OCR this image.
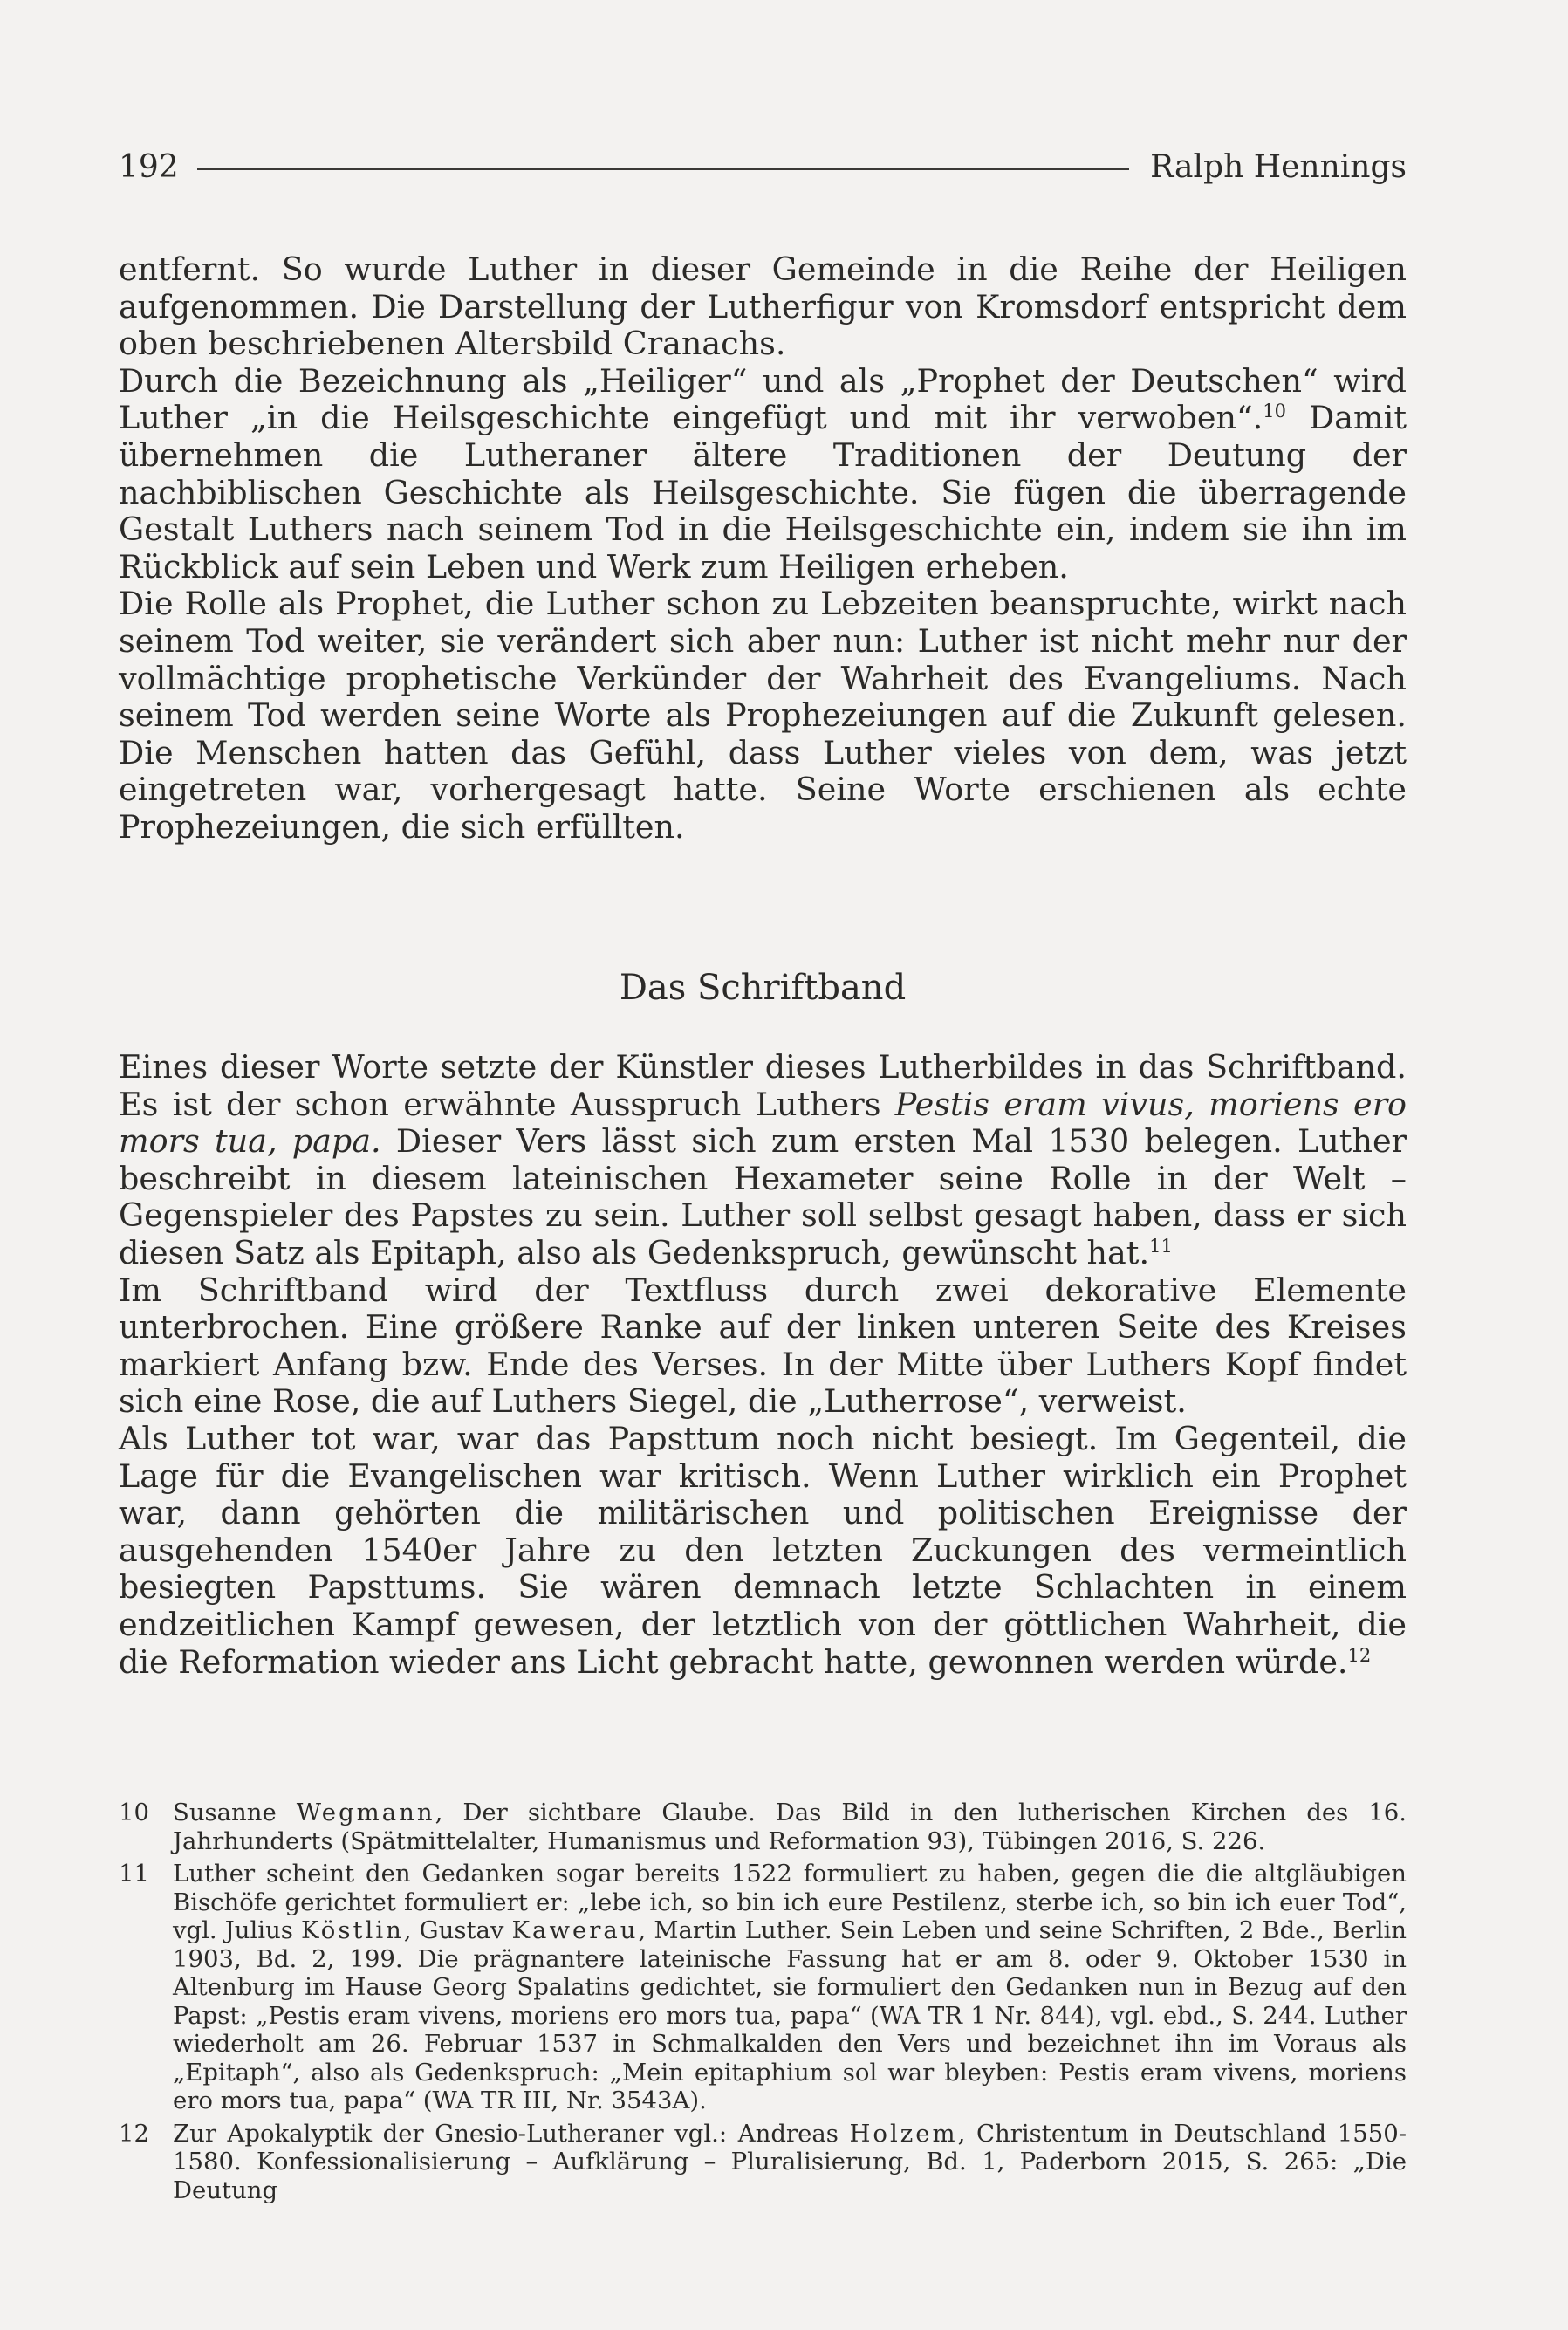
192	Ralph Hennings

entfernt. So wurde Luther in dieser Gemeinde in die Reihe der Heiligen aufgenommen. Die Darstellung der Lutherfigur von Kromsdorf entspricht dem oben beschriebenen Altersbild Cranachs.

Durch die Bezeichnung als „Heiliger“ und als „Prophet der Deutschen“ wird Luther „in die Heilsgeschichte eingefügt und mit ihr verwoben“.$^{10}$ Damit übernehmen die Lutheraner ältere Traditionen der Deutung der nachbiblischen Geschichte als Heilsgeschichte. Sie fügen die überragende Gestalt Luthers nach seinem Tod in die Heilsgeschichte ein, indem sie ihn im Rückblick auf sein Leben und Werk zum Heiligen erheben.

Die Rolle als Prophet, die Luther schon zu Lebzeiten beanspruchte, wirkt nach seinem Tod weiter, sie verändert sich aber nun: Luther ist nicht mehr nur der vollmächtige prophetische Verkünder der Wahrheit des Evangeliums. Nach seinem Tod werden seine Worte als Prophezeiungen auf die Zukunft gelesen. Die Menschen hatten das Gefühl, dass Luther vieles von dem, was jetzt eingetreten war, vorhergesagt hatte. Seine Worte erschienen als echte Prophezeiungen, die sich erfüllten.

Das Schriftband

Eines dieser Worte setzte der Künstler dieses Lutherbildes in das Schriftband. Es ist der schon erwähnte Ausspruch Luthers Pestis eram vivus, moriens ero mors tua, papa. Dieser Vers lässt sich zum ersten Mal 1530 belegen. Luther beschreibt in diesem lateinischen Hexameter seine Rolle in der Welt – Gegenspieler des Papstes zu sein. Luther soll selbst gesagt haben, dass er sich diesen Satz als Epitaph, also als Gedenkspruch, gewünscht hat.$^{11}$

Im Schriftband wird der Textfluss durch zwei dekorative Elemente unterbrochen. Eine größere Ranke auf der linken unteren Seite des Kreises markiert Anfang bzw. Ende des Verses. In der Mitte über Luthers Kopf findet sich eine Rose, die auf Luthers Siegel, die „Lutherrose“, verweist.

Als Luther tot war, war das Papsttum noch nicht besiegt. Im Gegenteil, die Lage für die Evangelischen war kritisch. Wenn Luther wirklich ein Prophet war, dann gehörten die militärischen und politischen Ereignisse der ausgehenden 1540er Jahre zu den letzten Zuckungen des vermeintlich besiegten Papsttums. Sie wären demnach letzte Schlachten in einem endzeitlichen Kampf gewesen, der letztlich von der göttlichen Wahrheit, die die Reformation wieder ans Licht gebracht hatte, gewonnen werden würde.$^{12}$

10 Susanne Wegmann, Der sichtbare Glaube. Das Bild in den lutherischen Kirchen des 16. Jahrhunderts (Spätmittelalter, Humanismus und Reformation 93), Tübingen 2016, S. 226.
11 Luther scheint den Gedanken sogar bereits 1522 formuliert zu haben, gegen die die altgläubigen Bischöfe gerichtet formuliert er: „lebe ich, so bin ich eure Pestilenz, sterbe ich, so bin ich euer Tod“, vgl. Julius Köstlin, Gustav Kawerau, Martin Luther. Sein Leben und seine Schriften, 2 Bde., Berlin 1903, Bd. 2, 199. Die prägnantere lateinische Fassung hat er am 8. oder 9. Oktober 1530 in Altenburg im Hause Georg Spalatins gedichtet, sie formuliert den Gedanken nun in Bezug auf den Papst: „Pestis eram vivens, moriens ero mors tua, papa“ (WA TR 1 Nr. 844), vgl. ebd., S. 244. Luther wiederholt am 26. Februar 1537 in Schmalkalden den Vers und bezeichnet ihn im Voraus als „Epitaph“, also als Gedenkspruch: „Mein epitaphium sol war bleyben: Pestis eram vivens, moriens ero mors tua, papa“ (WA TR III, Nr. 3543A).
12 Zur Apokalyptik der Gnesio-Lutheraner vgl.: Andreas Holzem, Christentum in Deutschland 1550-1580. Konfessionalisierung – Aufklärung – Pluralisierung, Bd. 1, Paderborn 2015, S. 265: „Die Deutung
